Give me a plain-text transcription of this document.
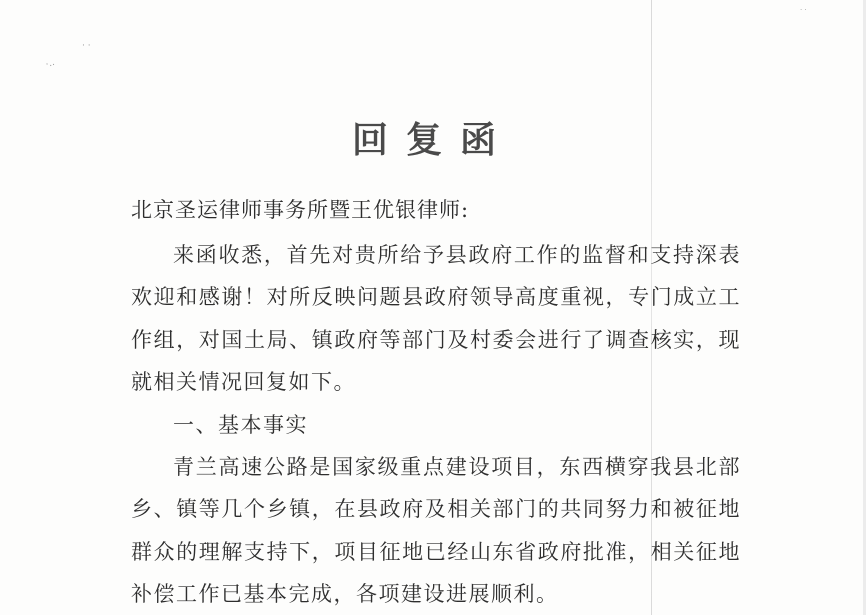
·‥
· ·
· ·
回复函
北京圣运律师事务所暨王优银律师:

来函收悉，首先对贵所给予县政府工作的监督和支持深表欢迎和感谢！对所反映问题县政府领导高度重视，专门成立工作组，对国土局、镇政府等部门及村委会进行了调查核实，现就相关情况回复如下。

一、基本事实

青兰高速公路是国家级重点建设项目，东西横穿我县北部乡、镇等几个乡镇，在县政府及相关部门的共同努力和被征地群众的理解支持下，项目征地已经山东省政府批准，相关征地补偿工作已基本完成，各项建设进展顺利。
